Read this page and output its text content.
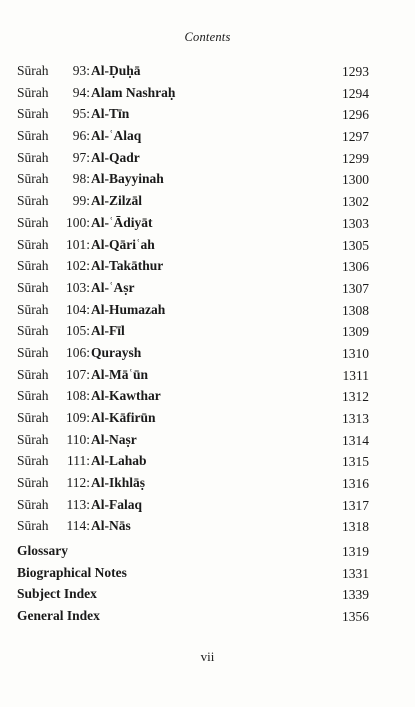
Contents
Sūrah 93: Al-Ḍuḥā	1293
Sūrah 94: Alam Nashraḥ	1294
Sūrah 95: Al-Tīn	1296
Sūrah 96: Al-ʿAlaq	1297
Sūrah 97: Al-Qadr	1299
Sūrah 98: Al-Bayyinah	1300
Sūrah 99: Al-Zilzāl	1302
Sūrah 100: Al-ʿĀdiyāt	1303
Sūrah 101: Al-Qāriʿah	1305
Sūrah 102: Al-Takāthur	1306
Sūrah 103: Al-ʿAṣr	1307
Sūrah 104: Al-Humazah	1308
Sūrah 105: Al-Fīl	1309
Sūrah 106: Quraysh	1310
Sūrah 107: Al-Māʿūn	1311
Sūrah 108: Al-Kawthar	1312
Sūrah 109: Al-Kāfirūn	1313
Sūrah 110: Al-Naṣr	1314
Sūrah 111: Al-Lahab	1315
Sūrah 112: Al-Ikhlāṣ	1316
Sūrah 113: Al-Falaq	1317
Sūrah 114: Al-Nās	1318
Glossary	1319
Biographical Notes	1331
Subject Index	1339
General Index	1356
vii
